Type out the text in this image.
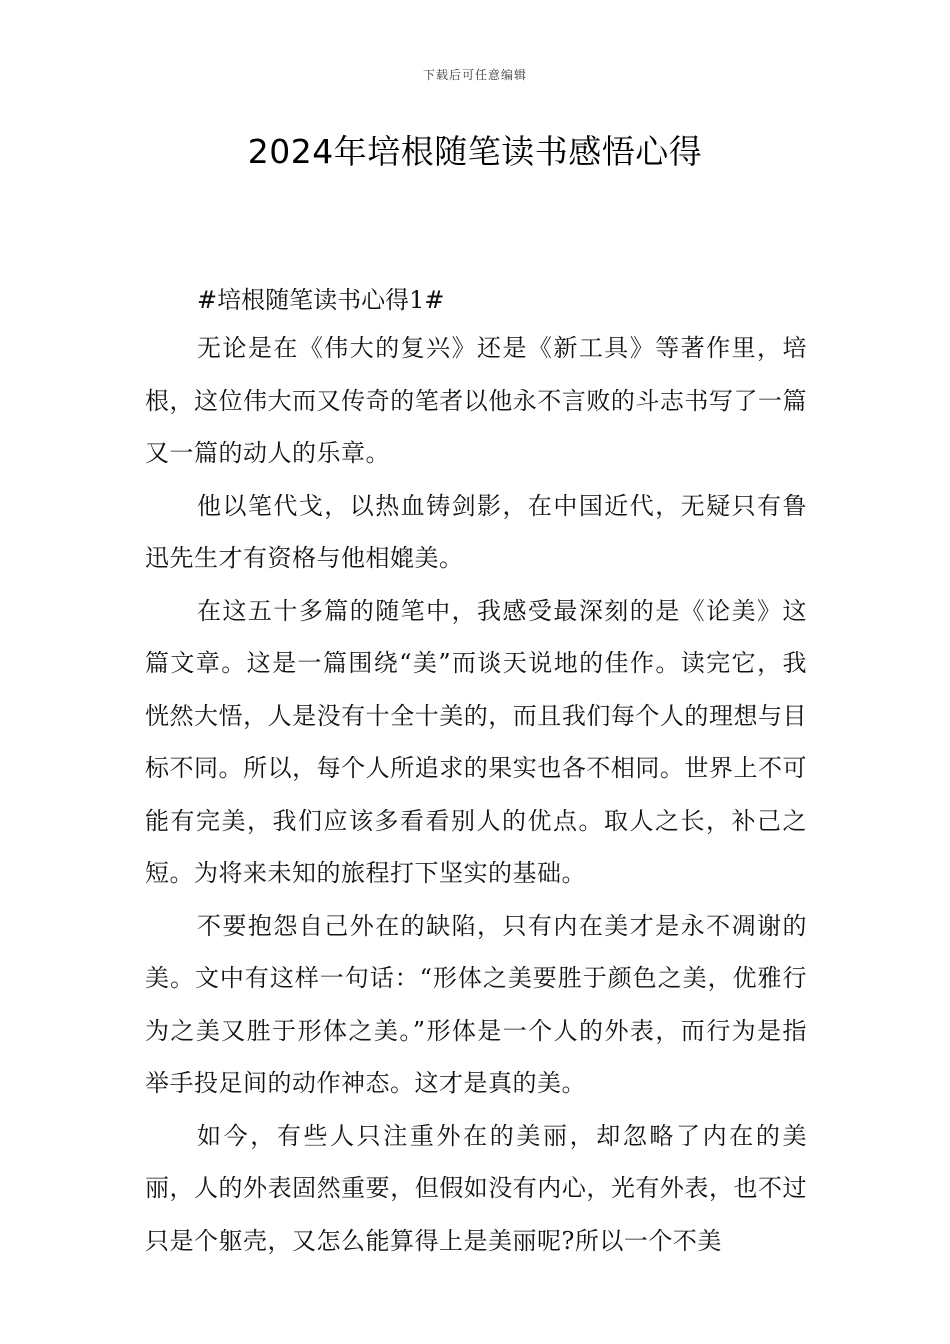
下载后可任意编辑
2024年培根随笔读书感悟心得

#培根随笔读书心得1#

无论是在《伟大的复兴》还是《新工具》等著作里，培根，这位伟大而又传奇的笔者以他永不言败的斗志书写了一篇又一篇的动人的乐章。

他以笔代戈，以热血铸剑影，在中国近代，无疑只有鲁迅先生才有资格与他相媲美。

在这五十多篇的随笔中，我感受最深刻的是《论美》这篇文章。这是一篇围绕“美”而谈天说地的佳作。读完它，我恍然大悟，人是没有十全十美的，而且我们每个人的理想与目标不同。所以，每个人所追求的果实也各不相同。世界上不可能有完美，我们应该多看看别人的优点。取人之长，补己之短。为将来未知的旅程打下坚实的基础。

不要抱怨自己外在的缺陷，只有内在美才是永不凋谢的美。文中有这样一句话：“形体之美要胜于颜色之美，优雅行为之美又胜于形体之美。”形体是一个人的外表，而行为是指举手投足间的动作神态。这才是真的美。

如今，有些人只注重外在的美丽，却忽略了内在的美丽，人的外表固然重要，但假如没有内心，光有外表，也不过只是个躯壳，又怎么能算得上是美丽呢?所以一个不美
